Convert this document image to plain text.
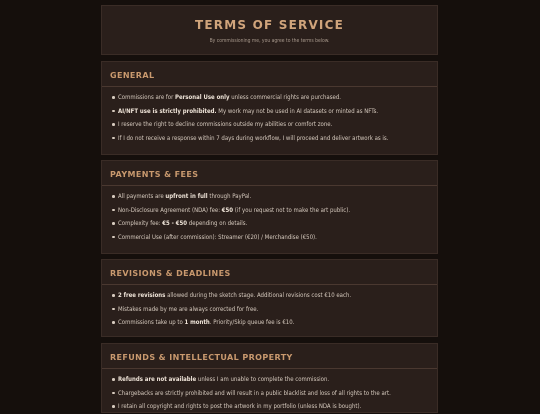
TERMS OF SERVICE
By commissioning me, you agree to the terms below.
GENERAL
Commissions are for Personal Use only unless commercial rights are purchased.
AI/NFT use is strictly prohibited. My work may not be used in AI datasets or minted as NFTs.
I reserve the right to decline commissions outside my abilities or comfort zone.
If I do not receive a response within 7 days during workflow, I will proceed and deliver artwork as is.
PAYMENTS & FEES
All payments are upfront in full through PayPal.
Non-Disclosure Agreement (NDA) fee: €50 (if you request not to make the art public).
Complexity fee: €5 - €50 depending on details.
Commercial Use (after commission): Streamer (€20) / Merchandise (€50).
REVISIONS & DEADLINES
2 free revisions allowed during the sketch stage. Additional revisions cost €10 each.
Mistakes made by me are always corrected for free.
Commissions take up to 1 month. Priority/Skip queue fee is €10.
REFUNDS & INTELLECTUAL PROPERTY
Refunds are not available unless I am unable to complete the commission.
Chargebacks are strictly prohibited and will result in a public blacklist and loss of all rights to the art.
I retain all copyright and rights to post the artwork in my portfolio (unless NDA is bought).
